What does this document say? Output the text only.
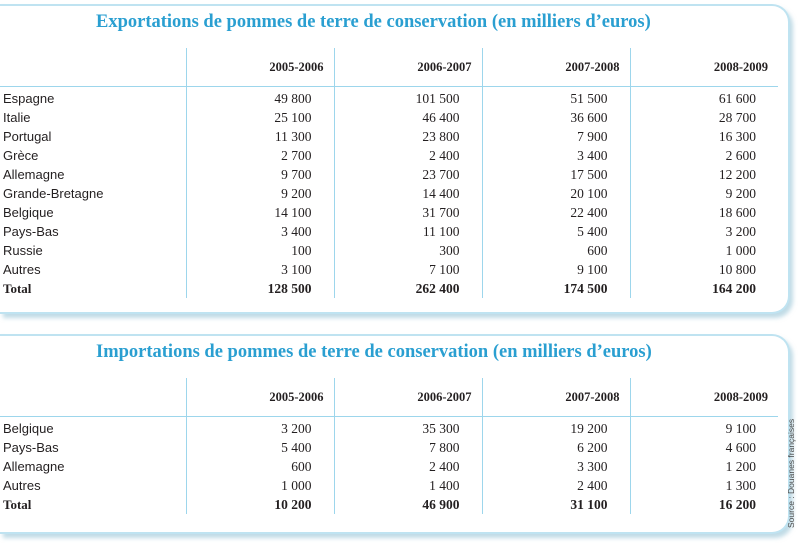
Exportations de pommes de terre de conservation (en milliers d’euros)
	2005-2006	2006-2007	2007-2008	2008-2009
Espagne	49 800	101 500	51 500	61 600
Italie	25 100	46 400	36 600	28 700
Portugal	11 300	23 800	7 900	16 300
Grèce	2 700	2 400	3 400	2 600
Allemagne	9 700	23 700	17 500	12 200
Grande-Bretagne	9 200	14 400	20 100	9 200
Belgique	14 100	31 700	22 400	18 600
Pays-Bas	3 400	11 100	5 400	3 200
Russie	100	300	600	1 000
Autres	3 100	7 100	9 100	10 800
Total	128 500	262 400	174 500	164 200
Importations de pommes de terre de conservation (en milliers d’euros)
	2005-2006	2006-2007	2007-2008	2008-2009
Belgique	3 200	35 300	19 200	9 100
Pays-Bas	5 400	7 800	6 200	4 600
Allemagne	600	2 400	3 300	1 200
Autres	1 000	1 400	2 400	1 300
Total	10 200	46 900	31 100	16 200	Source : Douanes françaises
